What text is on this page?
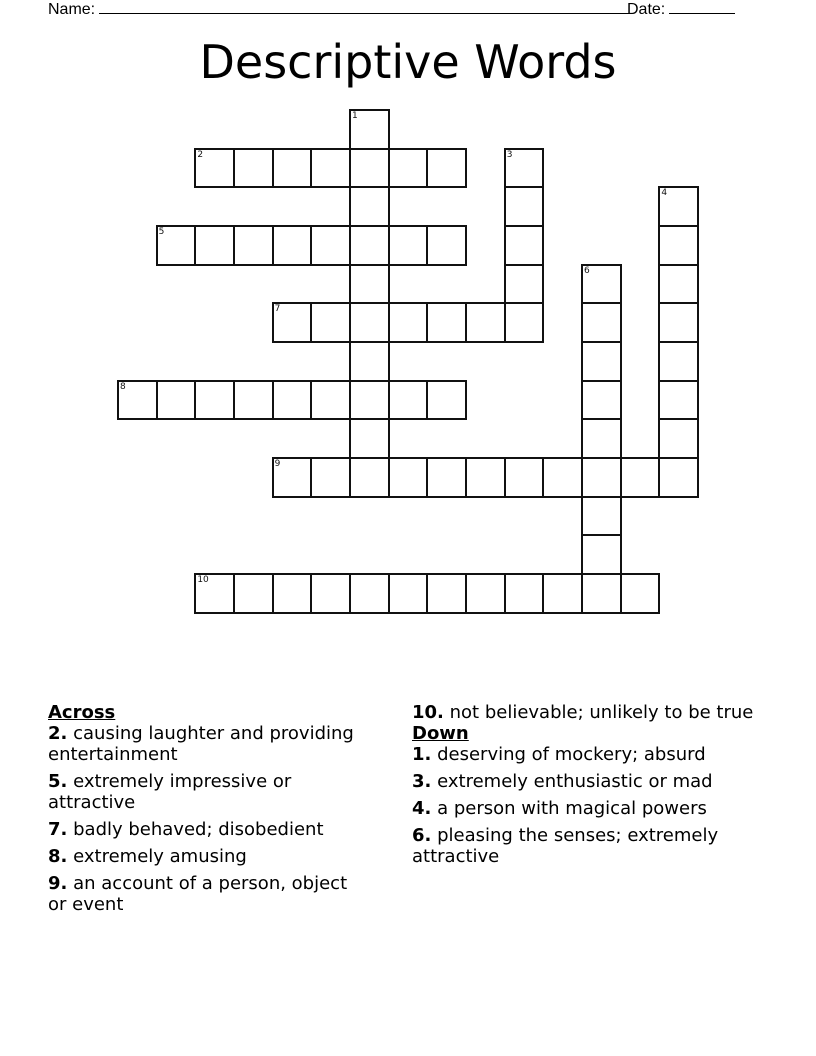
Name:	Date:
Descriptive Words
1
2	3
4
5
6
7
8
9
10
Across
2. causing laughter and providing entertainment
5. extremely impressive or attractive
7. badly behaved; disobedient
8. extremely amusing
9. an account of a person, object or event
10. not believable; unlikely to be true
Down
1. deserving of mockery; absurd
3. extremely enthusiastic or mad
4. a person with magical powers
6. pleasing the senses; extremely attractive
